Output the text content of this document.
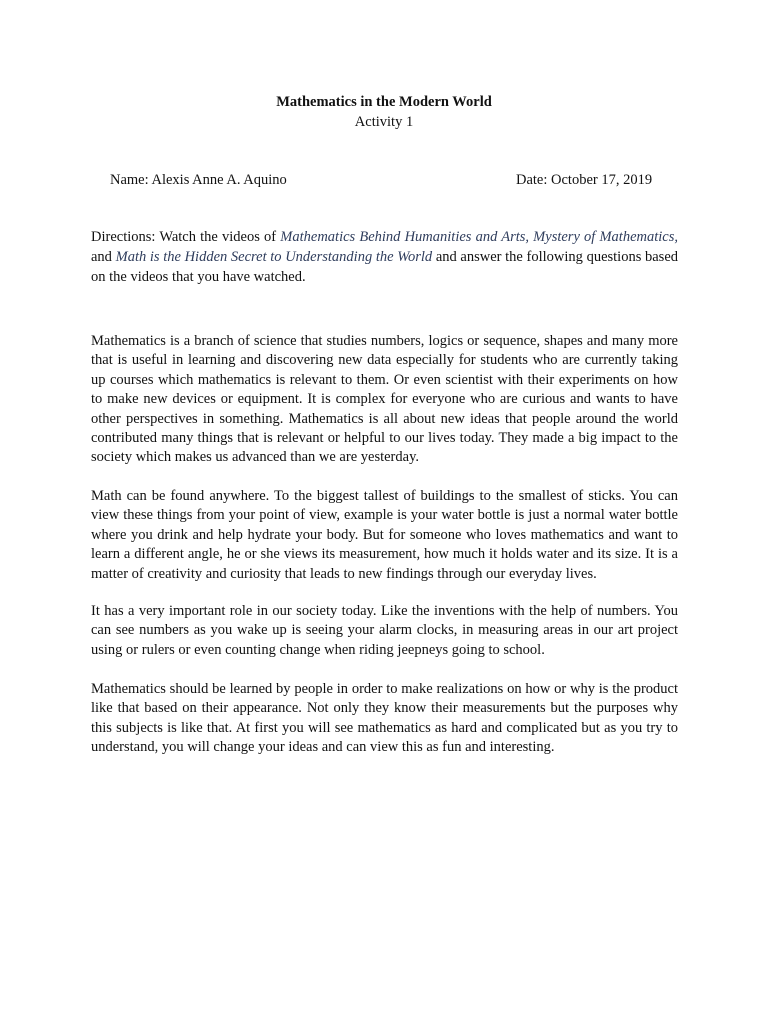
Mathematics in the Modern World
Activity 1
Name: Alexis Anne A. Aquino	Date: October 17, 2019
Directions: Watch the videos of Mathematics Behind Humanities and Arts, Mystery of Mathematics, and Math is the Hidden Secret to Understanding the World and answer the following questions based on the videos that you have watched.

Mathematics is a branch of science that studies numbers, logics or sequence, shapes and many more that is useful in learning and discovering new data especially for students who are currently taking up courses which mathematics is relevant to them. Or even scientist with their experiments on how to make new devices or equipment. It is complex for everyone who are curious and wants to have other perspectives in something. Mathematics is all about new ideas that people around the world contributed many things that is relevant or helpful to our lives today. They made a big impact to the society which makes us advanced than we are yesterday.

Math can be found anywhere. To the biggest tallest of buildings to the smallest of sticks. You can view these things from your point of view, example is your water bottle is just a normal water bottle where you drink and help hydrate your body. But for someone who loves mathematics and want to learn a different angle, he or she views its measurement, how much it holds water and its size. It is a matter of creativity and curiosity that leads to new findings through our everyday lives.

It has a very important role in our society today. Like the inventions with the help of numbers. You can see numbers as you wake up is seeing your alarm clocks, in measuring areas in our art project using or rulers or even counting change when riding jeepneys going to school.

Mathematics should be learned by people in order to make realizations on how or why is the product like that based on their appearance. Not only they know their measurements but the purposes why this subjects is like that. At first you will see mathematics as hard and complicated but as you try to understand, you will change your ideas and can view this as fun and interesting.
